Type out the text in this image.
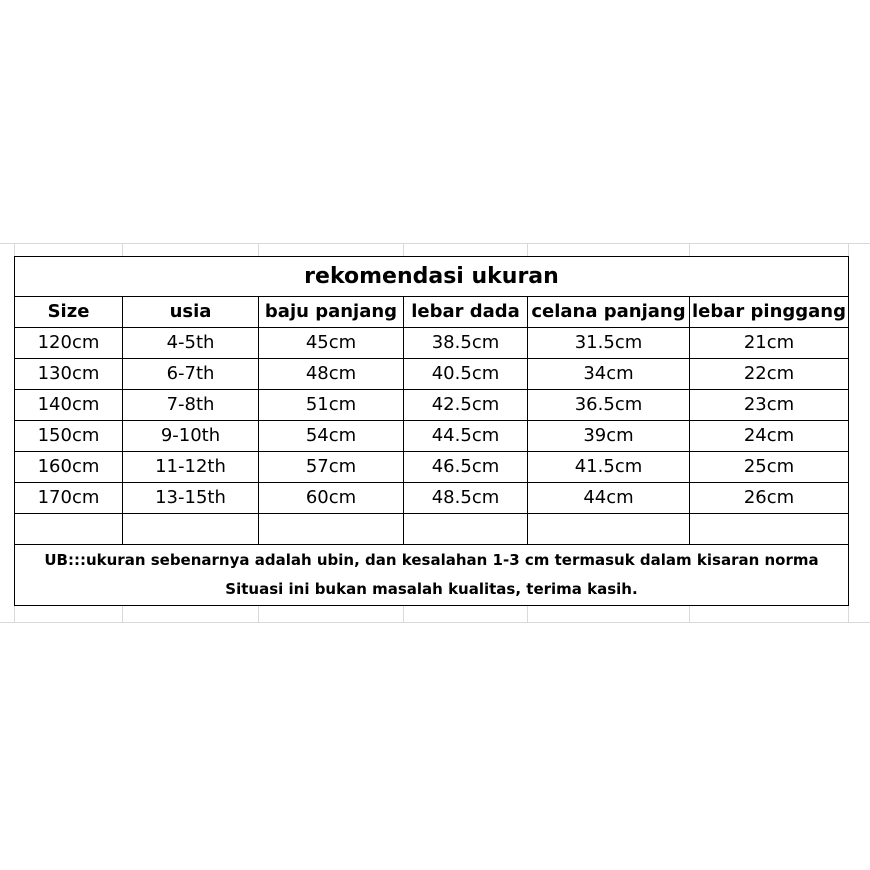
rekomendasi ukuran					
Size	usia	baju panjang	lebar dada	celana panjang	lebar pinggang
120cm	4-5th	45cm	38.5cm	31.5cm	21cm
130cm	6-7th	48cm	40.5cm	34cm	22cm
140cm	7-8th	51cm	42.5cm	36.5cm	23cm
150cm	9-10th	54cm	44.5cm	39cm	24cm
160cm	11-12th	57cm	46.5cm	41.5cm	25cm
170cm	13-15th	60cm	48.5cm	44cm	26cm

UB:::ukuran sebenarnya adalah ubin, dan kesalahan 1-3 cm termasuk dalam kisaran norma
Situasi ini bukan masalah kualitas, terima kasih.					
